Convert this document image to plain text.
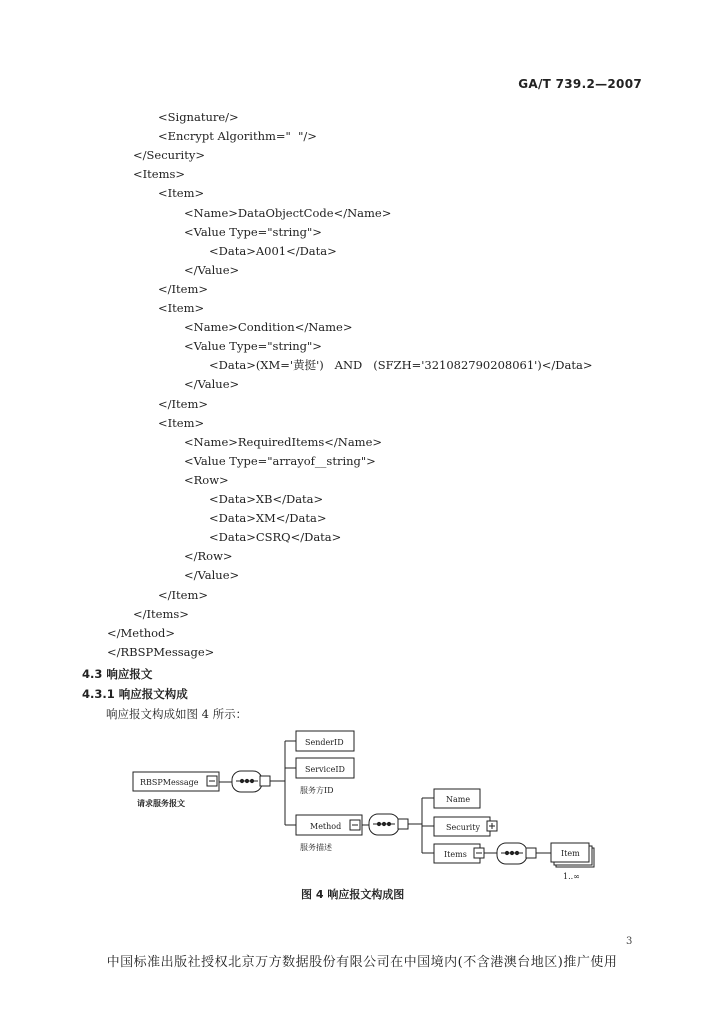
GA/T 739.2—2007
<Signature/>
<Encrypt Algorithm="  "/>
</Security>
<Items>
<Item>
<Name>DataObjectCode</Name>
<Value Type="string">
<Data>A001</Data>
</Value>
</Item>
<Item>
<Name>Condition</Name>
<Value Type="string">
<Data>(XM='黄挺')   AND   (SFZH='321082790208061')</Data>
</Value>
</Item>
<Item>
<Name>RequiredItems</Name>
<Value Type="arrayof__string">
<Row>
<Data>XB</Data>
<Data>XM</Data>
<Data>CSRQ</Data>
</Row>
</Value>
</Item>
</Items>
</Method>
</RBSPMessage>
4.3 响应报文
4.3.1 响应报文构成
响应报文构成如图 4 所示：
RBSPMessage
请求服务报文
SenderID
ServiceID
服务方ID
Method
服务描述
Name
Security
Items	Item
1..∞
图 4 响应报文构成图
3
中国标准出版社授权北京万方数据股份有限公司在中国境内(不含港澳台地区)推广使用
